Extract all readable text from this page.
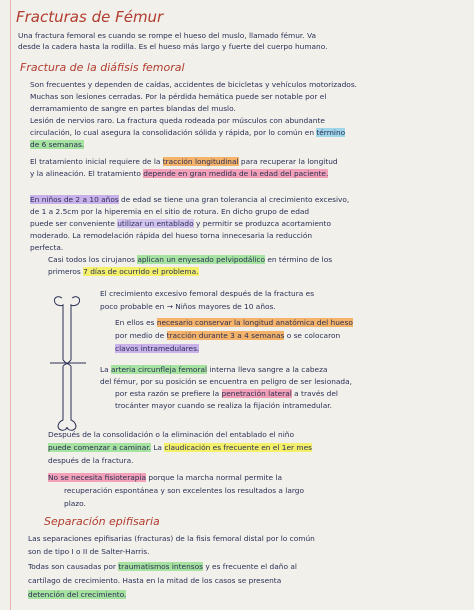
Fracturas de Fémur
Una fractura femoral es cuando se rompe el hueso del muslo, llamado fémur. Va
desde la cadera hasta la rodilla. Es el hueso más largo y fuerte del cuerpo humano.
Fractura de la diáfisis femoral
Son frecuentes y dependen de caídas, accidentes de bicicletas y vehículos motorizados.
Muchas son lesiones cerradas. Por la pérdida hemática puede ser notable por el
derramamiento de sangre en partes blandas del muslo.
Lesión de nervios raro. La fractura queda rodeada por músculos con abundante
circulación, lo cual asegura la consolidación sólida y rápida, por lo común en término
de 6 semanas.
El tratamiento inicial requiere de la tracción longitudinal para recuperar la longitud
y la alineación. El tratamiento depende en gran medida de la edad del paciente.
En niños de 2 a 10 años de edad se tiene una gran tolerancia al crecimiento excesivo,
de 1 a 2.5cm por la hiperemia en el sitio de rotura. En dicho grupo de edad
puede ser conveniente utilizar un entablado y permitir se produzca acortamiento
moderado. La remodelación rápida del hueso torna innecesaria la reducción
perfecta.
Casi todos los cirujanos aplican un enyesado pelvipodálico en término de los
primeros 7 días de ocurrido el problema.
El crecimiento excesivo femoral después de la fractura es
poco probable en → Niños mayores de 10 años.
En ellos es necesario conservar la longitud anatómica del hueso
por medio de tracción durante 3 a 4 semanas o se colocaron
clavos intramedulares.
La arteria circunfleja femoral interna lleva sangre a la cabeza
del fémur, por su posición se encuentra en peligro de ser lesionada,
por esta razón se prefiere la penetración lateral a través del
trocánter mayor cuando se realiza la fijación intramedular.
Después de la consolidación o la eliminación del entablado el niño
puede comenzar a caminar. La claudicación es frecuente en el 1er mes
después de la fractura.
No se necesita fisioterapia porque la marcha normal permite la
recuperación espontánea y son excelentes los resultados a largo
plazo.
Separación epifisaria
Las separaciones epifisarias (fracturas) de la fisis femoral distal por lo común
son de tipo I o II de Salter-Harris.
Todas son causadas por traumatismos intensos y es frecuente el daño al
cartílago de crecimiento. Hasta en la mitad de los casos se presenta
detención del crecimiento.
